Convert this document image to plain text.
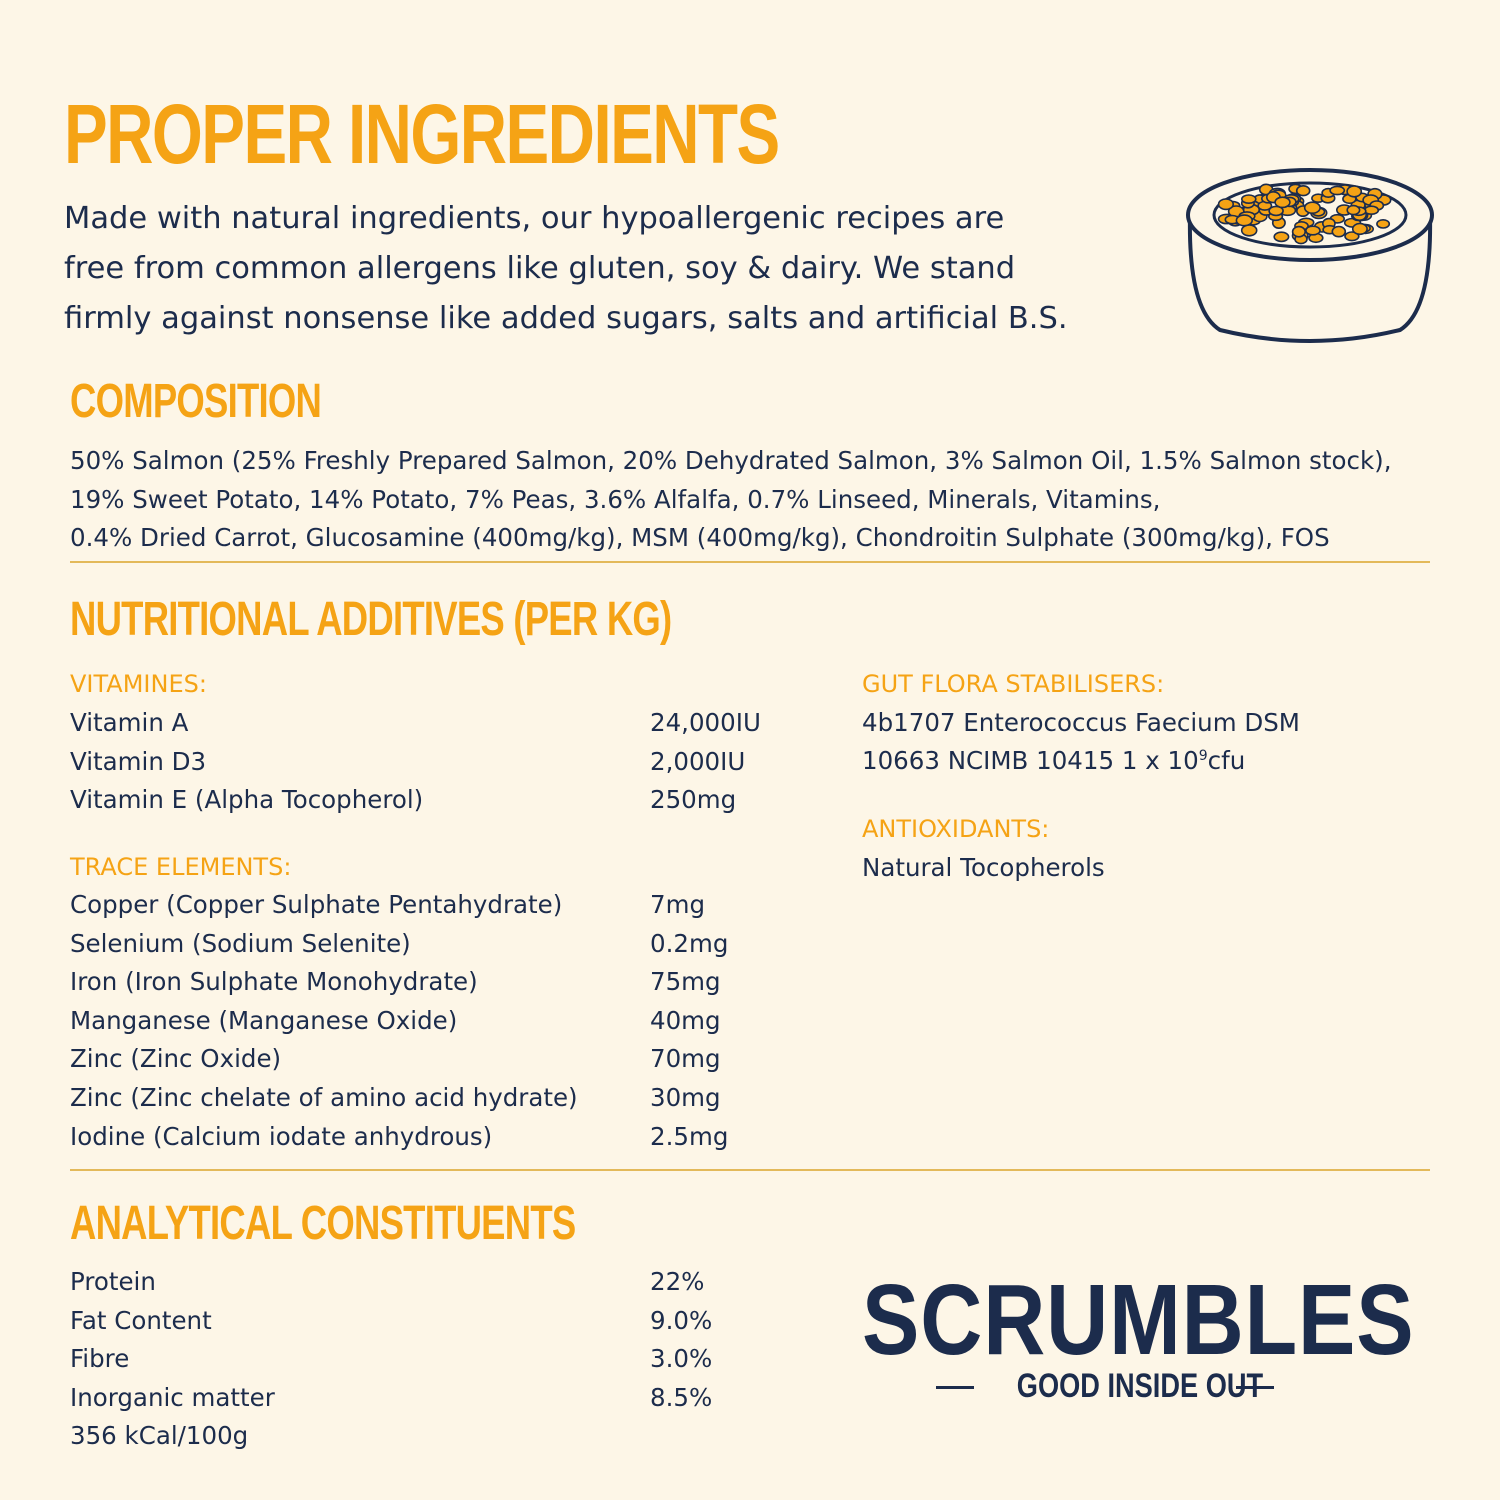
PROPER INGREDIENTS

Made with natural ingredients, our hypoallergenic recipes are
free from common allergens like gluten, soy & dairy. We stand
firmly against nonsense like added sugars, salts and artificial B.S.

COMPOSITION

50% Salmon (25% Freshly Prepared Salmon, 20% Dehydrated Salmon, 3% Salmon Oil, 1.5% Salmon stock),
19% Sweet Potato, 14% Potato, 7% Peas, 3.6% Alfalfa, 0.7% Linseed, Minerals, Vitamins,
0.4% Dried Carrot, Glucosamine (400mg/kg), MSM (400mg/kg), Chondroitin Sulphate (300mg/kg), FOS

NUTRITIONAL ADDITIVES (PER KG)

VITAMINES:

Vitamin A	24,000IU
Vitamin D3	2,000IU
Vitamin E (Alpha Tocopherol)	250mg

TRACE ELEMENTS:

Copper (Copper Sulphate Pentahydrate)	7mg
Selenium (Sodium Selenite)	0.2mg
Iron (Iron Sulphate Monohydrate)	75mg
Manganese (Manganese Oxide)	40mg
Zinc (Zinc Oxide)	70mg
Zinc (Zinc chelate of amino acid hydrate)	30mg
Iodine (Calcium iodate anhydrous)	2.5mg

GUT FLORA STABILISERS:

4b1707 Enterococcus Faecium DSM

10663 NCIMB 10415 1 x $10^9cfu$

ANTIOXIDANTS:

Natural Tocopherols

ANALYTICAL CONSTITUENTS
Protein	22%
Fat Content	9.0%
Fibre	3.0%
Inorganic matter	8.5%
356 kCal/100g

SCRUMBLES

GOOD INSIDE OUT
